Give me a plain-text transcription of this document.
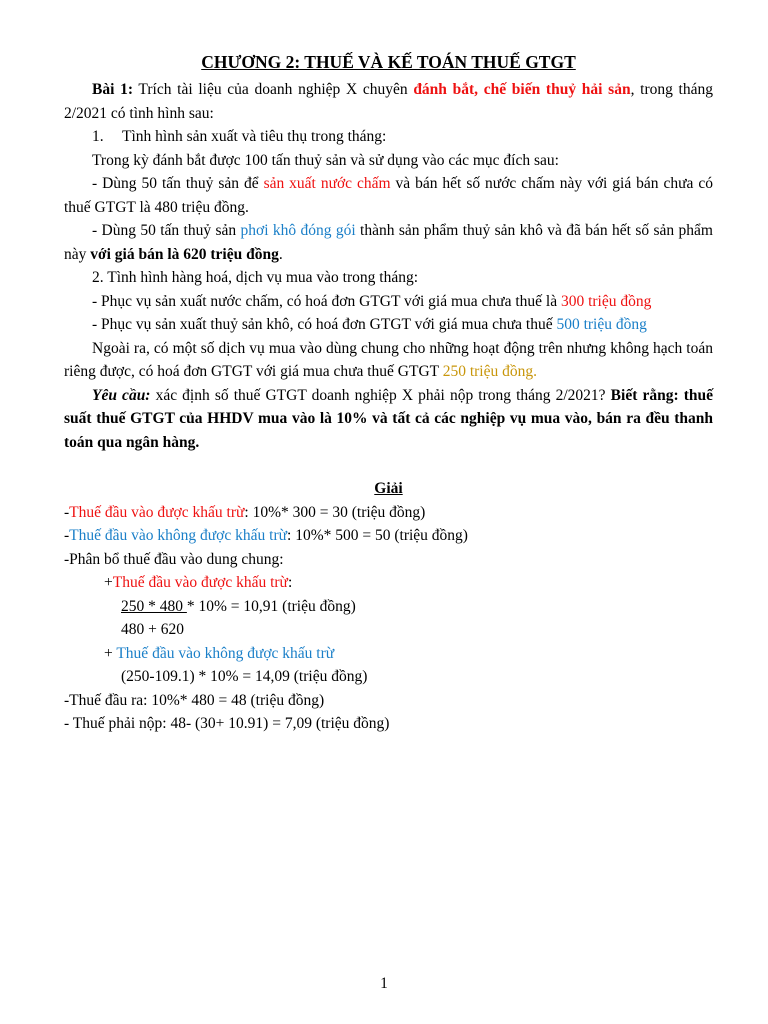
CHƯƠNG 2: THUẾ VÀ KẾ TOÁN THUẾ GTGT

Bài 1: Trích tài liệu của doanh nghiệp X chuyên đánh bắt, chế biến thuỷ hải sản, trong tháng 2/2021 có tình hình sau:

1. Tình hình sản xuất và tiêu thụ trong tháng:

Trong kỳ đánh bắt được 100 tấn thuỷ sản và sử dụng vào các mục đích sau:

- Dùng 50 tấn thuỷ sản để sản xuất nước chấm và bán hết số nước chấm này với giá bán chưa có thuế GTGT là 480 triệu đồng.

- Dùng 50 tấn thuỷ sản phơi khô đóng gói thành sản phẩm thuỷ sản khô và đã bán hết số sản phẩm này với giá bán là 620 triệu đồng.

2. Tình hình hàng hoá, dịch vụ mua vào trong tháng:

- Phục vụ sản xuất nước chấm, có hoá đơn GTGT với giá mua chưa thuế là 300 triệu đồng

- Phục vụ sản xuất thuỷ sản khô, có hoá đơn GTGT với giá mua chưa thuế 500 triệu đồng

Ngoài ra, có một số dịch vụ mua vào dùng chung cho những hoạt động trên nhưng không hạch toán riêng được, có hoá đơn GTGT với giá mua chưa thuế GTGT 250 triệu đồng.

Yêu cầu: xác định số thuế GTGT doanh nghiệp X phải nộp trong tháng 2/2021? Biết rằng: thuế suất thuế GTGT của HHDV mua vào là 10% và tất cả các nghiệp vụ mua vào, bán ra đều thanh toán qua ngân hàng.

Giải

-Thuế đầu vào được khấu trừ: 10%* 300 = 30 (triệu đồng)

-Thuế đầu vào không được khấu trừ: 10%* 500 = 50 (triệu đồng)

-Phân bổ thuế đầu vào dung chung:

+Thuế đầu vào được khấu trừ:

250 * 480 * 10% = 10,91 (triệu đồng)

480 + 620

+ Thuế đầu vào không được khấu trừ

(250-109.1) * 10% = 14,09 (triệu đồng)

-Thuế đầu ra: 10%* 480 = 48 (triệu đồng)

- Thuế phải nộp: 48- (30+ 10.91) = 7,09 (triệu đồng)

1
